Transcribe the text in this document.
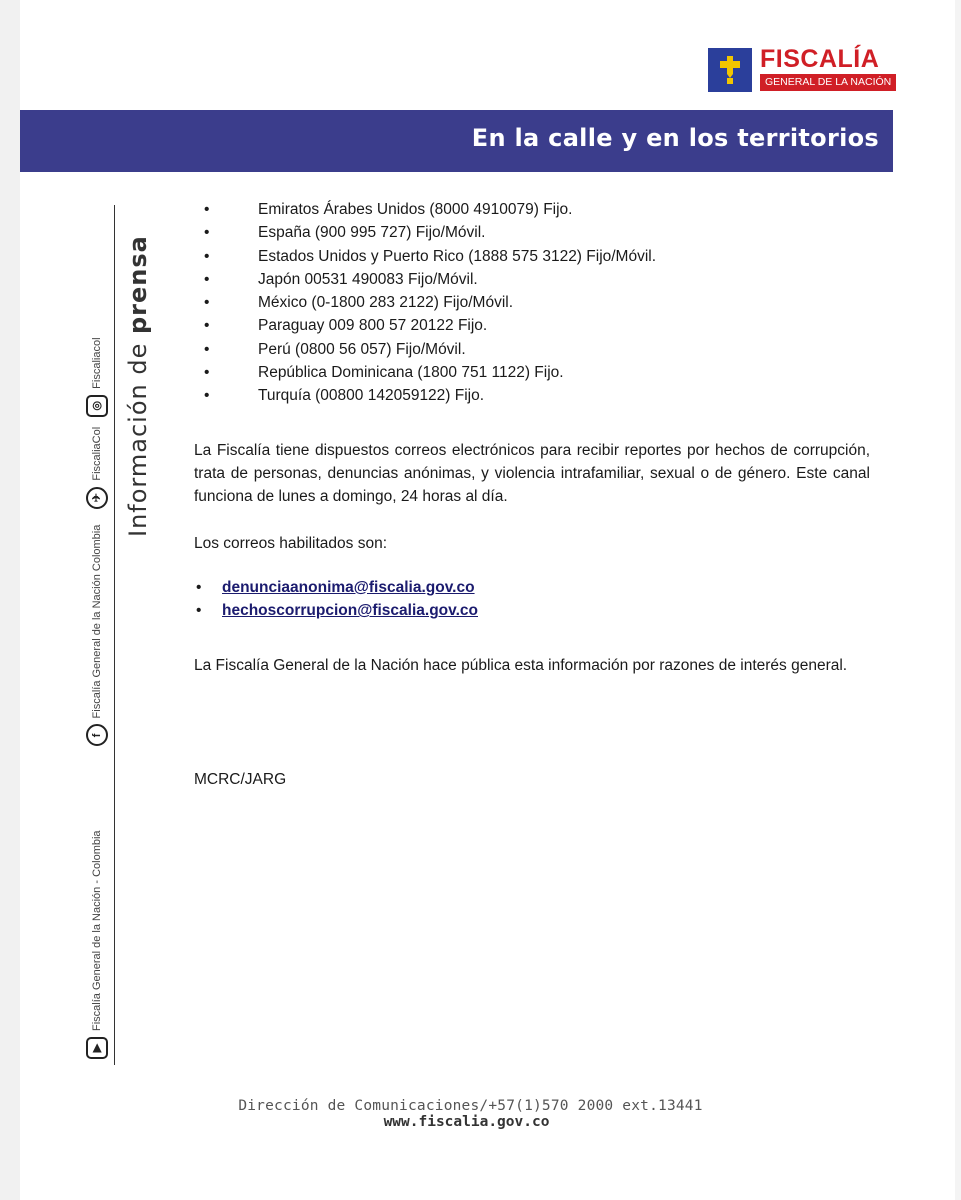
FISCALÍA
GENERAL DE LA NACIÓN
En la calle y en los territorios
Información de prensa
▶
Fiscalía General de la Nación - Colombia
f
Fiscalía General de la Nación Colombia
✈
FiscaliaCol
◎
Fiscaliacol
•	Emiratos Árabes Unidos (8000 4910079) Fijo.
•	España (900 995 727) Fijo/Móvil.
•	Estados Unidos y Puerto Rico (1888 575 3122) Fijo/Móvil.
•	Japón 00531 490083 Fijo/Móvil.
•	México (0-1800 283 2122) Fijo/Móvil.
•	Paraguay 009 800 57 20122 Fijo.
•	Perú (0800 56 057) Fijo/Móvil.
•	República Dominicana (1800 751 1122) Fijo.
•	Turquía (00800 142059122) Fijo.

La Fiscalía tiene dispuestos correos electrónicos para recibir reportes por hechos de corrupción, trata de personas, denuncias anónimas, y violencia intrafamiliar, sexual o de género. Este canal funciona de lunes a domingo, 24 horas al día.

Los correos habilitados son:

• denunciaanonima@fiscalia.gov.co
• hechoscorrupcion@fiscalia.gov.co

La Fiscalía General de la Nación hace pública esta información por razones de interés general.

MCRC/JARG

Dirección de Comunicaciones/+57(1)570 2000 ext.13441
www.fiscalia.gov.co
